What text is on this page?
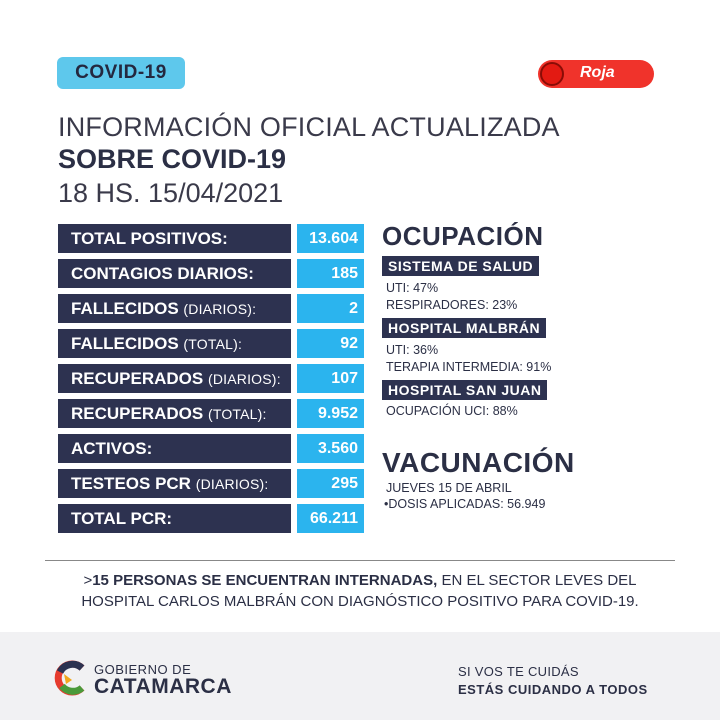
COVID-19	Roja
INFORMACIÓN OFICIAL ACTUALIZADA
SOBRE COVID-19
18 HS. 15/04/2021
TOTAL POSITIVOS:	13.604
CONTAGIOS DIARIOS:	185
FALLECIDOS (DIARIOS):	2
FALLECIDOS (TOTAL):	92
RECUPERADOS (DIARIOS):	107
RECUPERADOS (TOTAL):	9.952
ACTIVOS:	3.560
TESTEOS PCR (DIARIOS):	295
TOTAL PCR:	66.211
OCUPACIÓN
SISTEMA DE SALUD
UTI: 47%
RESPIRADORES: 23%
HOSPITAL MALBRÁN
UTI: 36%
TERAPIA INTERMEDIA: 91%
HOSPITAL SAN JUAN
OCUPACIÓN UCI: 88%
VACUNACIÓN
JUEVES 15 DE ABRIL
•DOSIS APLICADAS: 56.949
>15 PERSONAS SE ENCUENTRAN INTERNADAS, EN EL SECTOR LEVES DEL
HOSPITAL CARLOS MALBRÁN CON DIAGNÓSTICO POSITIVO PARA COVID-19.
GOBIERNO DE
CATAMARCA
SI VOS TE CUIDÁS
ESTÁS CUIDANDO A TODOS
